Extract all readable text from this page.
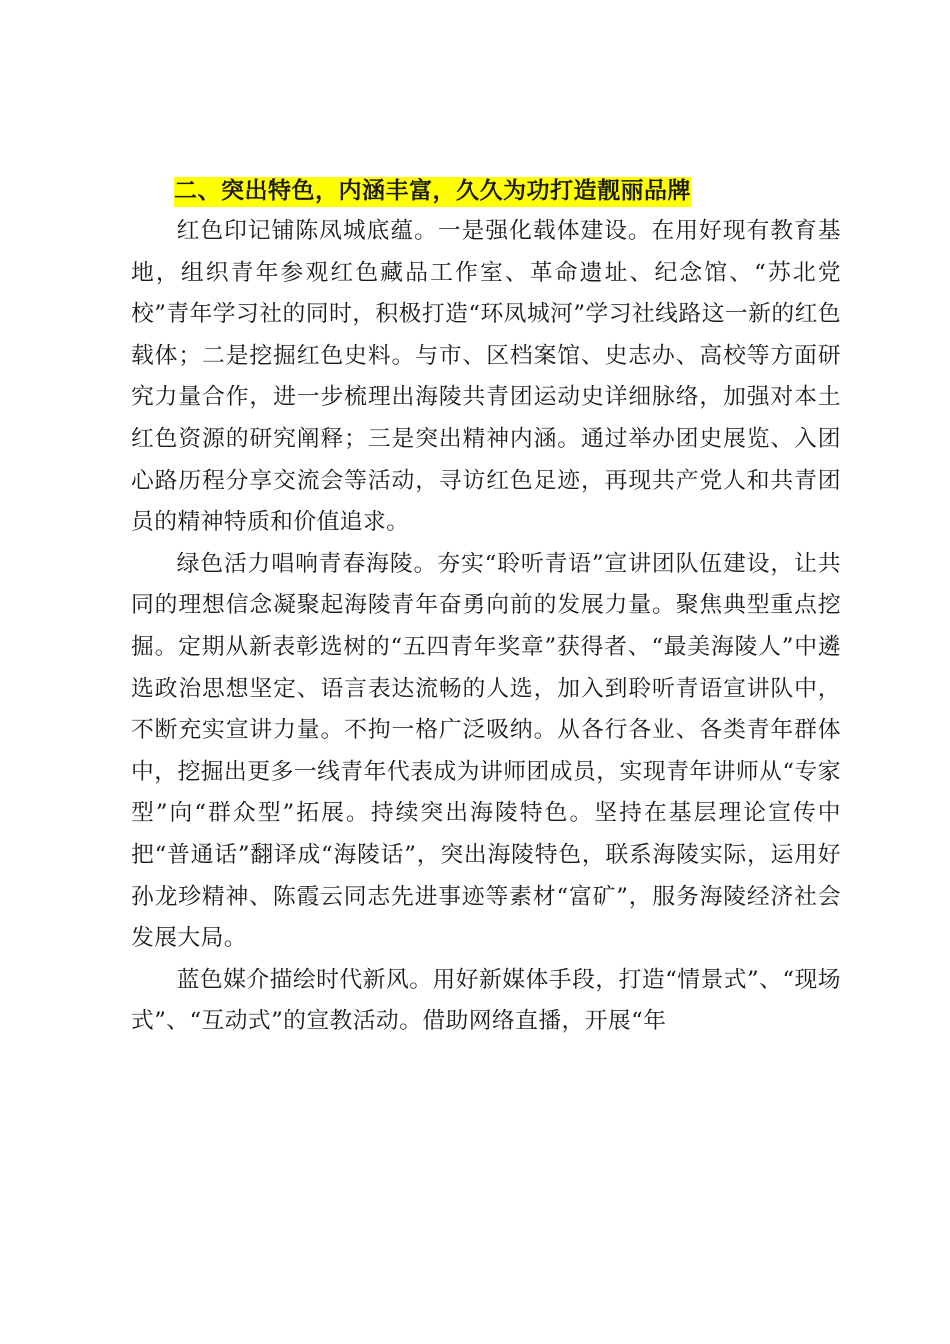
二、突出特色，内涵丰富，久久为功打造靓丽品牌

红色印记铺陈凤城底蕴。一是强化载体建设。在用好现有教育基地，组织青年参观红色藏品工作室、革命遗址、纪念馆、“苏北党校”青年学习社的同时，积极打造“环凤城河”学习社线路这一新的红色载体；二是挖掘红色史料。与市、区档案馆、史志办、高校等方面研究力量合作，进一步梳理出海陵共青团运动史详细脉络，加强对本土红色资源的研究阐释；三是突出精神内涵。通过举办团史展览、入团心路历程分享交流会等活动，寻访红色足迹，再现共产党人和共青团员的精神特质和价值追求。

绿色活力唱响青春海陵。夯实“聆听青语”宣讲团队伍建设，让共同的理想信念凝聚起海陵青年奋勇向前的发展力量。聚焦典型重点挖掘。定期从新表彰选树的“五四青年奖章”获得者、“最美海陵人”中遴选政治思想坚定、语言表达流畅的人选，加入到聆听青语宣讲队中，不断充实宣讲力量。不拘一格广泛吸纳。从各行各业、各类青年群体中，挖掘出更多一线青年代表成为讲师团成员，实现青年讲师从“专家型”向“群众型”拓展。持续突出海陵特色。坚持在基层理论宣传中把“普通话”翻译成“海陵话”，突出海陵特色，联系海陵实际，运用好孙龙珍精神、陈霞云同志先进事迹等素材“富矿”，服务海陵经济社会发展大局。

蓝色媒介描绘时代新风。用好新媒体手段，打造“情景式”、“现场式”、“互动式”的宣教活动。借助网络直播，开展“年
